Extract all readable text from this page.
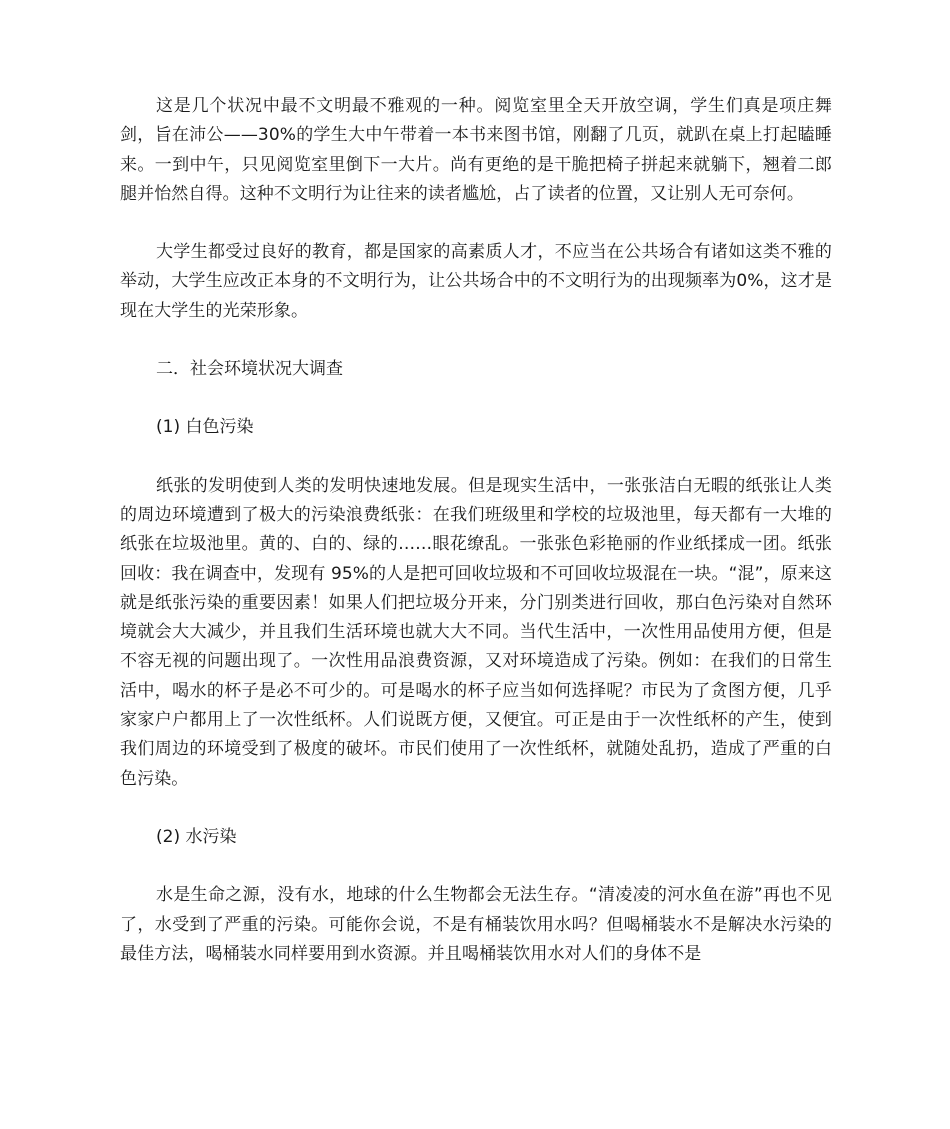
这是几个状况中最不文明最不雅观的一种。阅览室里全天开放空调，学生们真是项庄舞剑，旨在沛公——30%的学生大中午带着一本书来图书馆，刚翻了几页，就趴在桌上打起瞌睡来。一到中午，只见阅览室里倒下一大片。尚有更绝的是干脆把椅子拼起来就躺下，翘着二郎腿并怡然自得。这种不文明行为让往来的读者尴尬，占了读者的位置，又让别人无可奈何。

大学生都受过良好的教育，都是国家的高素质人才，不应当在公共场合有诸如这类不雅的举动，大学生应改正本身的不文明行为，让公共场合中的不文明行为的出现频率为0%，这才是现在大学生的光荣形象。

二．社会环境状况大调查

(1) 白色污染

纸张的发明使到人类的发明快速地发展。但是现实生活中，一张张洁白无暇的纸张让人类的周边环境遭到了极大的污染浪费纸张：在我们班级里和学校的垃圾池里，每天都有一大堆的纸张在垃圾池里。黄的、白的、绿的……眼花缭乱。一张张色彩艳丽的作业纸揉成一团。纸张回收：我在调查中，发现有 95%的人是把可回收垃圾和不可回收垃圾混在一块。“混”，原来这就是纸张污染的重要因素！如果人们把垃圾分开来，分门别类进行回收，那白色污染对自然环境就会大大减少，并且我们生活环境也就大大不同。当代生活中，一次性用品使用方便，但是不容无视的问题出现了。一次性用品浪费资源，又对环境造成了污染。例如：在我们的日常生活中，喝水的杯子是必不可少的。可是喝水的杯子应当如何选择呢？市民为了贪图方便，几乎家家户户都用上了一次性纸杯。人们说既方便，又便宜。可正是由于一次性纸杯的产生，使到我们周边的环境受到了极度的破坏。市民们使用了一次性纸杯，就随处乱扔，造成了严重的白色污染。

(2) 水污染

水是生命之源，没有水，地球的什么生物都会无法生存。“清凌凌的河水鱼在游”再也不见了，水受到了严重的污染。可能你会说，不是有桶装饮用水吗？但喝桶装水不是解决水污染的最佳方法，喝桶装水同样要用到水资源。并且喝桶装饮用水对人们的身体不是
